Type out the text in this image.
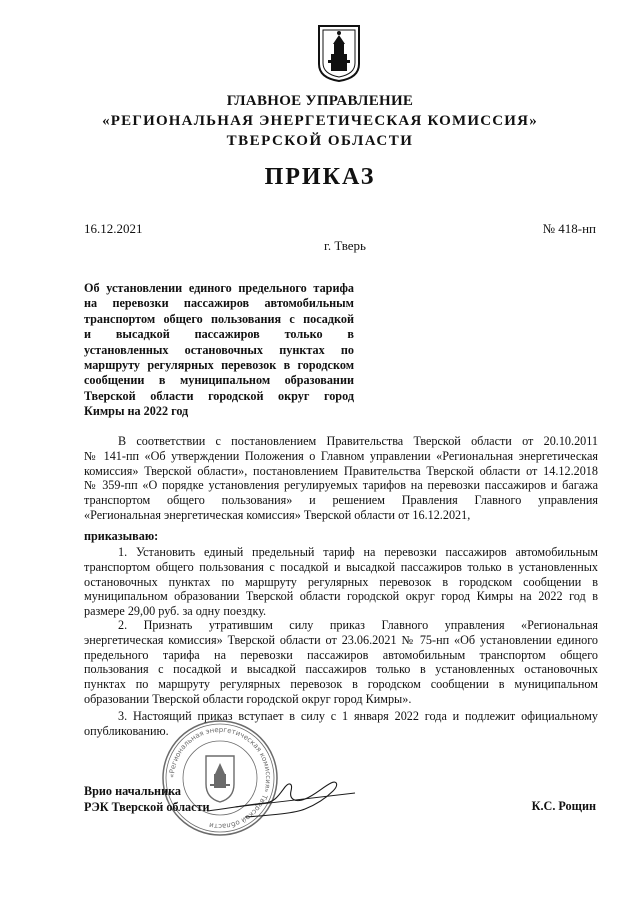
ГЛАВНОЕ УПРАВЛЕНИЕ
«РЕГИОНАЛЬНАЯ ЭНЕРГЕТИЧЕСКАЯ КОМИССИЯ»
ТВЕРСКОЙ ОБЛАСТИ
ПРИКАЗ
16.12.2021	№ 418-нп
г. Тверь
Об установлении единого предельного тарифа
на перевозки пассажиров автомобильным
транспортом общего пользования с посадкой
и высадкой пассажиров только в
установленных остановочных пунктах по
маршруту регулярных перевозок в городском
сообщении в муниципальном образовании
Тверской области городской округ город
Кимры на 2022 год
В соответствии с постановлением Правительства Тверской области от 20.10.2011
№ 141-пп «Об утверждении Положения о Главном управлении «Региональная энергетическая
комиссия» Тверской области», постановлением Правительства Тверской области от 14.12.2018
№ 359-пп «О порядке установления регулируемых тарифов на перевозки пассажиров и багажа
транспортом общего пользования» и решением Правления Главного управления
«Региональная энергетическая комиссия» Тверской области от 16.12.2021,
приказываю:
1. Установить единый предельный тариф на перевозки пассажиров автомобильным
транспортом общего пользования с посадкой и высадкой пассажиров только в установленных
остановочных пунктах по маршруту регулярных перевозок в городском сообщении в
муниципальном образовании Тверской области городской округ город Кимры на 2022 год в
размере 29,00 руб. за одну поездку.
2. Признать утратившим силу приказ Главного управления «Региональная
энергетическая комиссия» Тверской области от 23.06.2021 № 75-нп «Об установлении единого
предельного тарифа на перевозки пассажиров автомобильным транспортом общего
пользования с посадкой и высадкой пассажиров только в установленных остановочных
пунктах по маршруту регулярных перевозок в городском сообщении в муниципальном
образовании Тверской области городской округ город Кимры».
3. Настоящий приказ вступает в силу с 1 января 2022 года и подлежит официальному
опубликованию.
«Региональная энергетическая комиссия» Тверской области
Врио начальника
РЭК Тверской области	К.С. Рощин
